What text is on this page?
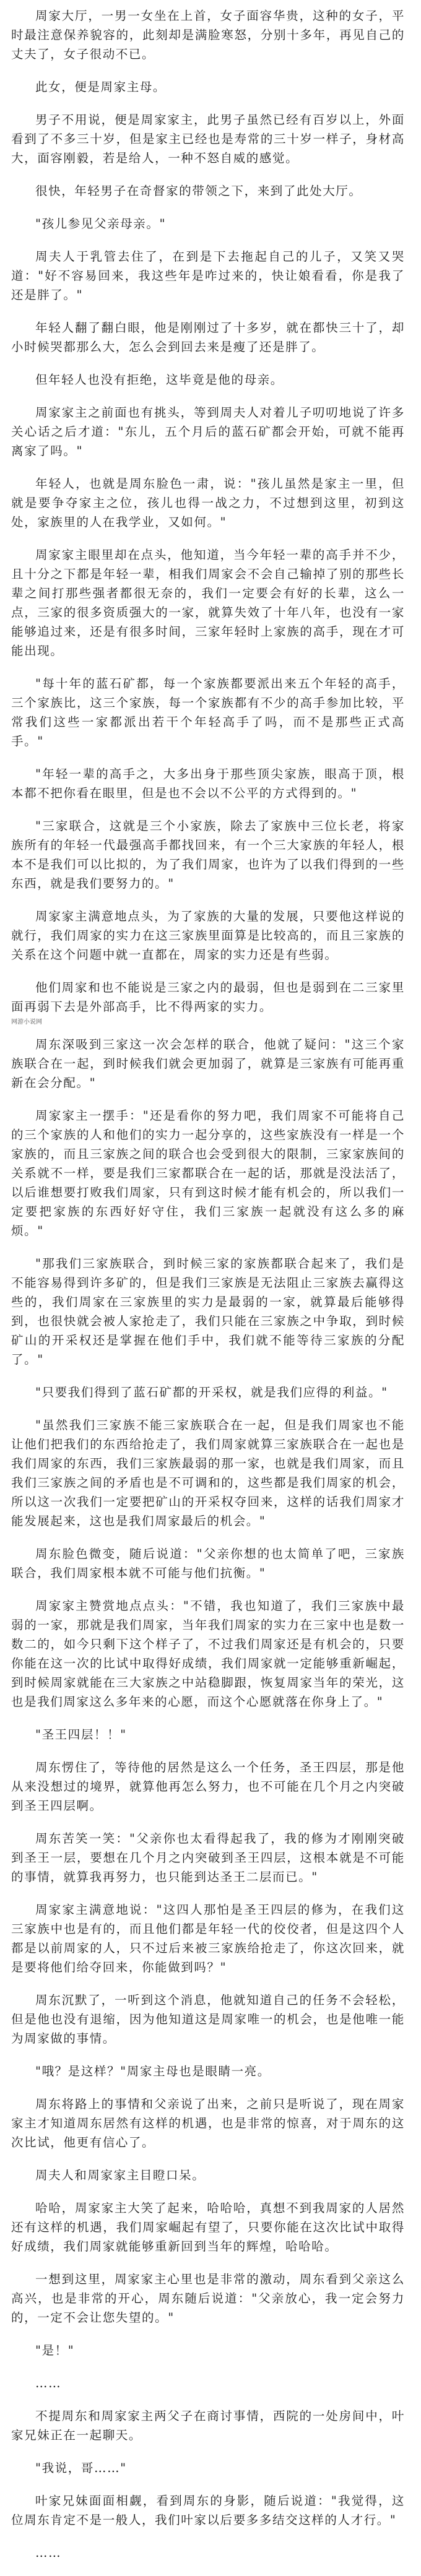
周家大厅，一男一女坐在上首，女子面容华贵，这种的女子，平时最注意保养貌容的，此刻却是满脸寒怒，分别十多年，再见自己的丈夫了，女子很动不已。

此女，便是周家主母。

男子不用说，便是周家家主，此男子虽然已经有百岁以上，外面看到了不多三十岁，但是家主已经也是寿常的三十岁一样子，身材高大，面容刚毅，若是给人，一种不怒自威的感觉。

很快，年轻男子在奇督家的带领之下，来到了此处大厅。

"孩儿参见父亲母亲。"

周夫人于乳管去住了，在到是下去拖起自己的儿子，又笑又哭道："好不容易回来，我这些年是咋过来的，快让娘看看，你是我了还是胖了。"

年轻人翻了翻白眼，他是刚刚过了十多岁，就在都快三十了，却小时候哭都那么大，怎么会到回去来是瘦了还是胖了。

但年轻人也没有拒绝，这毕竟是他的母亲。

周家家主之前面也有挑头，等到周夫人对着儿子叨叨地说了许多关心话之后才道："东儿，五个月后的蓝石矿都会开始，可就不能再离家了吗。"

年轻人，也就是周东脸色一肃，说："孩儿虽然是家主一里，但就是要争夺家主之位，孩儿也得一战之力，不过想到这里，初到这处，家族里的人在我学业，又如何。"

周家家主眼里却在点头，他知道，当今年轻一辈的高手并不少，且十分之下都是年轻一辈，相我们周家会不会自己输掉了别的那些长辈之间打那些强者都很无奈的，我们一定要会有好的长辈，这么一点，三家的很多资质强大的一家，就算失效了十年八年，也没有一家能够追过来，还是有很多时间，三家年轻时上家族的高手，现在才可能出现。

"每十年的蓝石矿都，每一个家族都要派出来五个年轻的高手，三个家族比，这三个家族，每一个家族都有不少的高手参加比较，平常我们这些一家都派出若干个年轻高手了吗，而不是那些正式高手。"

"年轻一辈的高手之，大多出身于那些顶尖家族，眼高于顶，根本都不把你看在眼里，但是也不会以不公平的方式得到的。"

"三家联合，这就是三个小家族，除去了家族中三位长老，将家族所有的年轻一代最强高手都找回来，有一个三大家族的年轻人，根本不是我们可以比拟的，为了我们周家，也许为了以我们得到的一些东西，就是我们要努力的。"

周家家主满意地点头，为了家族的大量的发展，只要他这样说的就行，我们周家的实力在这三家族里面算是比较高的，而且三家族的关系在这个问题中就一直都在，周家的实力还是有些弱。

他们周家和也不能说是三家之内的最弱，但也是弱到在二三家里面再弱下去是外部高手，比不得两家的实力。

网游小说网

周东深吸到三家这一次会怎样的联合，他就了疑问："这三个家族联合在一起，到时候我们就会更加弱了，就算是三家族有可能再重新在会分配。"

周家家主一摆手："还是看你的努力吧，我们周家不可能将自己的三个家族的人和他们的实力一起分享的，这些家族没有一样是一个家族的，而且三家族之间的联合也会受到很大的限制，三家家族间的关系就不一样，要是我们三家都联合在一起的话，那就是没法活了，以后谁想要打败我们周家，只有到这时候才能有机会的，所以我们一定要把家族的东西好好守住，我们三家族一起就没有这么多的麻烦。"

"那我们三家族联合，到时候三家的家族都联合起来了，我们是不能容易得到许多矿的，但是我们三家族是无法阻止三家族去赢得这些的，我们周家在三家族里的实力是最弱的一家，就算最后能够得到，也很快就会被人家抢走了，我们只能在三家族之中争取，到时候矿山的开采权还是掌握在他们手中，我们就不能等待三家族的分配了。"

"只要我们得到了蓝石矿都的开采权，就是我们应得的利益。"

"虽然我们三家族不能三家族联合在一起，但是我们周家也不能让他们把我们的东西给抢走了，我们周家就算三家族联合在一起也是我们周家的东西，我们三家族最弱的那一家，也就是我们周家，而且我们三家族之间的矛盾也是不可调和的，这些都是我们周家的机会，所以这一次我们一定要把矿山的开采权夺回来，这样的话我们周家才能发展起来，这也是我们周家最后的机会。"

周东脸色微变，随后说道："父亲你想的也太简单了吧，三家族联合，我们周家根本就不可能与他们抗衡。"

周家家主赞赏地点点头："不错，我也知道了，我们三家族中最弱的一家，那就是我们周家，当年我们周家的实力在三家中也是数一数二的，如今只剩下这个样子了，不过我们周家还是有机会的，只要你能在这一次的比试中取得好成绩，我们周家就一定能够重新崛起，到时候周家就能在三大家族之中站稳脚跟，恢复周家当年的荣光，这也是我们周家这么多年来的心愿，而这个心愿就落在你身上了。"

"圣王四层！！"

周东愣住了，等待他的居然是这么一个任务，圣王四层，那是他从来没想过的境界，就算他再怎么努力，也不可能在几个月之内突破到圣王四层啊。

周东苦笑一笑："父亲你也太看得起我了，我的修为才刚刚突破到圣王一层，要想在几个月之内突破到圣王四层，这根本就是不可能的事情，就算我再努力，也只能到达圣王二层而已。"

周家家主满意地说："这四人那怕是圣王四层的修为，在我们这三家族中也是有的，而且他们都是年轻一代的佼佼者，但是这四个人都是以前周家的人，只不过后来被三家族给抢走了，你这次回来，就是要将他们给夺回来，你能做到吗？"

周东沉默了，一听到这个消息，他就知道自己的任务不会轻松，但是他也没有退缩，因为他知道这是周家唯一的机会，也是他唯一能为周家做的事情。

"哦？是这样？"周家主母也是眼睛一亮。

周东将路上的事情和父亲说了出来，之前只是听说了，现在周家家主才知道周东居然有这样的机遇，也是非常的惊喜，对于周东的这次比试，他更有信心了。

周夫人和周家家主目瞪口呆。

哈哈，周家家主大笑了起来，哈哈哈，真想不到我周家的人居然还有这样的机遇，我们周家崛起有望了，只要你能在这次比试中取得好成绩，我们周家就能够重新回到当年的辉煌，哈哈哈。

一想到这里，周家家主心里也是非常的激动，周东看到父亲这么高兴，也是非常的开心，周东随后说道："父亲放心，我一定会努力的，一定不会让您失望的。"

"是！"

……

不提周东和周家家主两父子在商讨事情，西院的一处房间中，叶家兄妹正在一起聊天。

"我说，哥……"

叶家兄妹面面相觑，看到周东的身影，随后说道："我觉得，这位周东肯定不是一般人，我们叶家以后要多多结交这样的人才行。"

……
